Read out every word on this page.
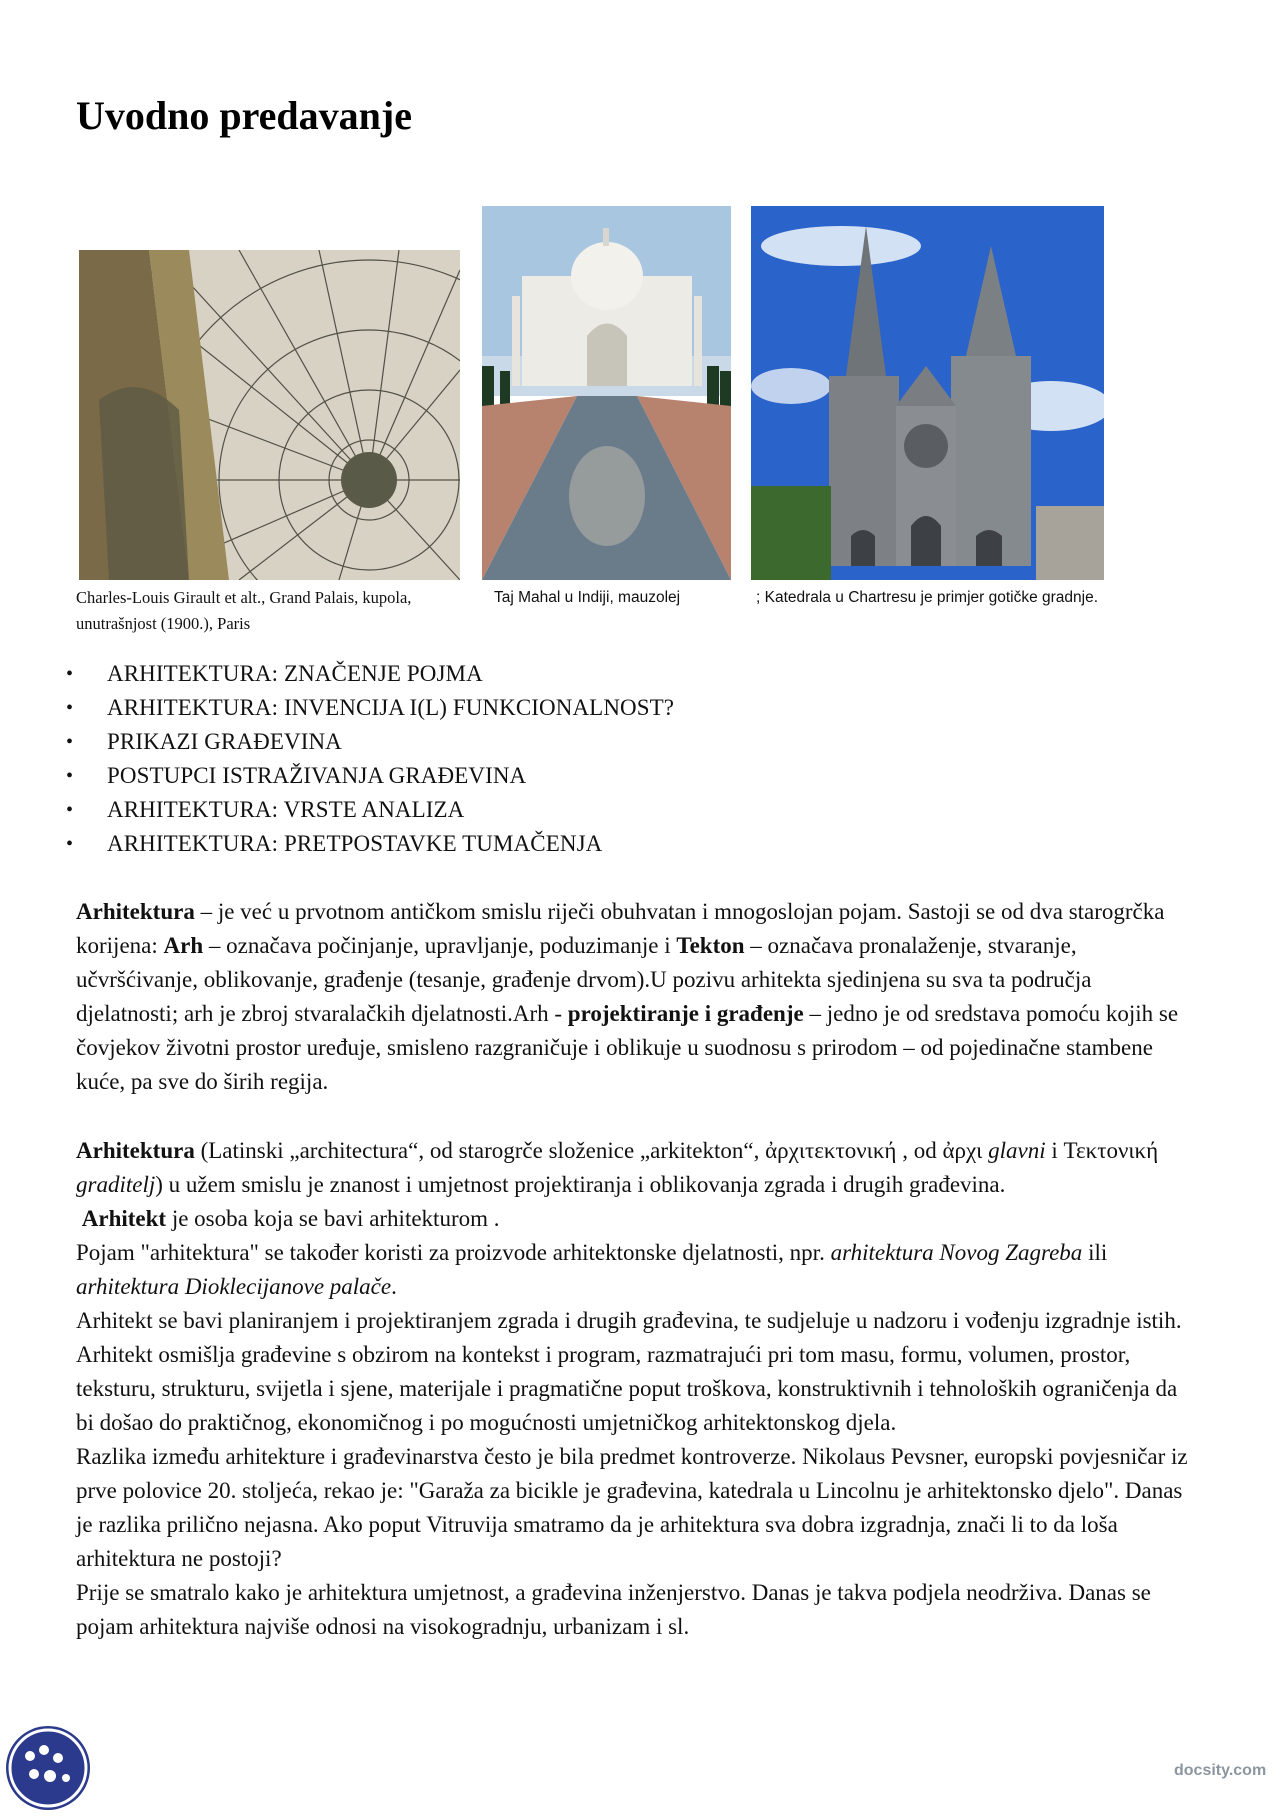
Uvodno predavanje
Charles-Louis Girault et alt., Grand Palais, kupola, unutrašnjost (1900.), Paris
Taj Mahal u Indiji, mauzolej	; Katedrala u Chartresu je primjer gotičke gradnje.
• ARHITEKTURA: ZNAČENJE POJMA
• ARHITEKTURA: INVENCIJA I(L) FUNKCIONALNOST?
• PRIKAZI GRAĐEVINA
• POSTUPCI ISTRAŽIVANJA GRAĐEVINA
• ARHITEKTURA: VRSTE ANALIZA
• ARHITEKTURA: PRETPOSTAVKE TUMAČENJA

Arhitektura – je već u prvotnom antičkom smislu riječi obuhvatan i mnogoslojan pojam. Sastoji se od dva starogrčka korijena: Arh – označava počinjanje, upravljanje, poduzimanje i Tekton – označava pronalaženje, stvaranje, učvršćivanje, oblikovanje, građenje (tesanje, građenje drvom).U pozivu arhitekta sjedinjena su sva ta područja djelatnosti; arh je zbroj stvaralačkih djelatnosti.Arh - projektiranje i građenje – jedno je od sredstava pomoću kojih se čovjekov životni prostor uređuje, smisleno razgraničuje i oblikuje u suodnosu s prirodom – od pojedinačne stambene kuće, pa sve do širih regija.

Arhitektura (Latinski „architectura“, od starogrče složenice „arkitekton“, ἀρχιτεκτονική , od ἀρχι glavni i Τεκτονική graditelj) u užem smislu je znanost i umjetnost projektiranja i oblikovanja zgrada i drugih građevina.
Arhitekt je osoba koja se bavi arhitekturom .
Pojam "arhitektura" se također koristi za proizvode arhitektonske djelatnosti, npr. arhitektura Novog Zagreba ili arhitektura Dioklecijanove palače.
Arhitekt se bavi planiranjem i projektiranjem zgrada i drugih građevina, te sudjeluje u nadzoru i vođenju izgradnje istih. Arhitekt osmišlja građevine s obzirom na kontekst i program, razmatrajući pri tom masu, formu, volumen, prostor, teksturu, strukturu, svijetla i sjene, materijale i pragmatične poput troškova, konstruktivnih i tehnoloških ograničenja da bi došao do praktičnog, ekonomičnog i po mogućnosti umjetničkog arhitektonskog djela.
Razlika između arhitekture i građevinarstva često je bila predmet kontroverze. Nikolaus Pevsner, europski povjesničar iz prve polovice 20. stoljeća, rekao je: "Garaža za bicikle je građevina, katedrala u Lincolnu je arhitektonsko djelo". Danas je razlika prilično nejasna. Ako poput Vitruvija smatramo da je arhitektura sva dobra izgradnja, znači li to da loša arhitektura ne postoji?
Prije se smatralo kako je arhitektura umjetnost, a građevina inženjerstvo. Danas je takva podjela neodrživa. Danas se pojam arhitektura najviše odnosi na visokogradnju, urbanizam i sl.
docsity.com
